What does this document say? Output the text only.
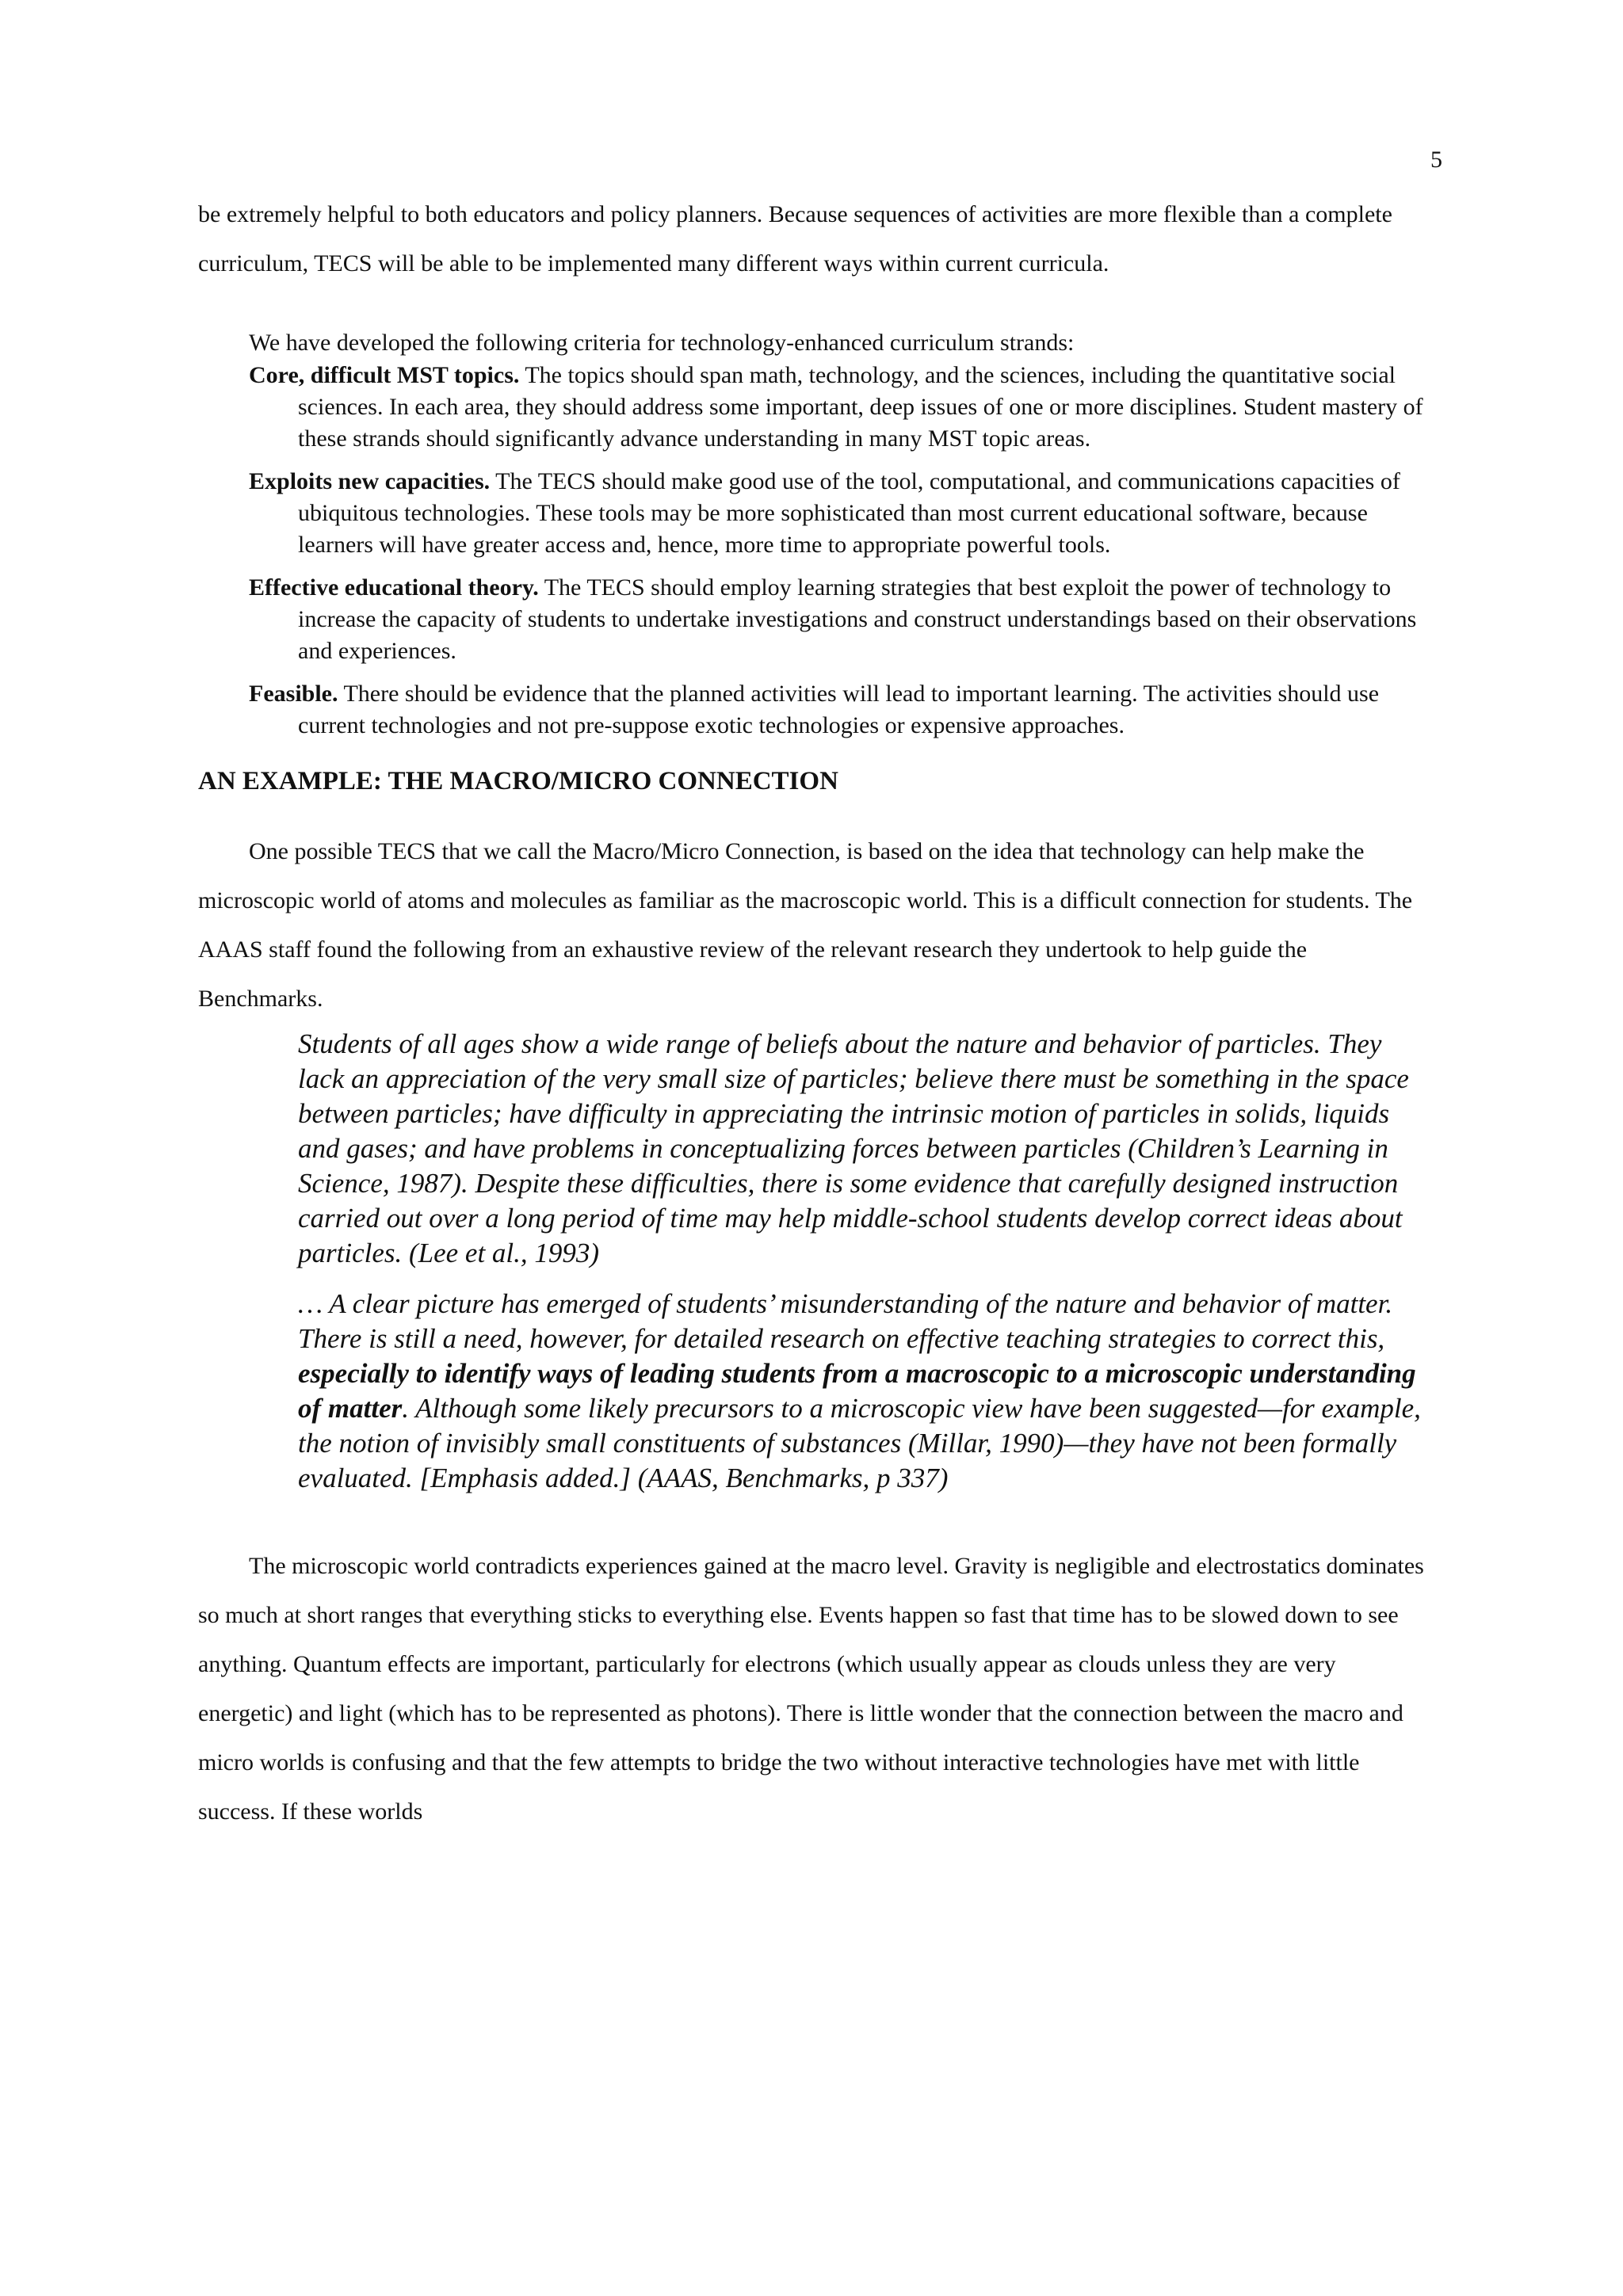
5

be extremely helpful to both educators and policy planners. Because sequences of activities are more flexible than a complete curriculum, TECS will be able to be implemented many different ways within current curricula.

We have developed the following criteria for technology-enhanced curriculum strands:

Core, difficult MST topics. The topics should span math, technology, and the sciences, including the quantitative social sciences. In each area, they should address some important, deep issues of one or more disciplines. Student mastery of these strands should significantly advance understanding in many MST topic areas.
Exploits new capacities. The TECS should make good use of the tool, computational, and communications capacities of ubiquitous technologies. These tools may be more sophisticated than most current educational software, because learners will have greater access and, hence, more time to appropriate powerful tools.
Effective educational theory. The TECS should employ learning strategies that best exploit the power of technology to increase the capacity of students to undertake investigations and construct understandings based on their observations and experiences.
Feasible. There should be evidence that the planned activities will lead to important learning. The activities should use current technologies and not pre-suppose exotic technologies or expensive approaches.
AN EXAMPLE: THE MACRO/MICRO CONNECTION

One possible TECS that we call the Macro/Micro Connection, is based on the idea that technology can help make the microscopic world of atoms and molecules as familiar as the macroscopic world. This is a difficult connection for students. The AAAS staff found the following from an exhaustive review of the relevant research they undertook to help guide the Benchmarks.

Students of all ages show a wide range of beliefs about the nature and behavior of particles. They lack an appreciation of the very small size of particles; believe there must be something in the space between particles; have difficulty in appreciating the intrinsic motion of particles in solids, liquids and gases; and have problems in conceptualizing forces between particles (Children’s Learning in Science, 1987). Despite these difficulties, there is some evidence that carefully designed instruction carried out over a long period of time may help middle-school students develop correct ideas about particles. (Lee et al., 1993)

… A clear picture has emerged of students’ misunderstanding of the nature and behavior of matter. There is still a need, however, for detailed research on effective teaching strategies to correct this, especially to identify ways of leading students from a macroscopic to a microscopic understanding of matter. Although some likely precursors to a microscopic view have been suggested—for example, the notion of invisibly small constituents of substances (Millar, 1990)—they have not been formally evaluated. [Emphasis added.] (AAAS, Benchmarks, p 337)

The microscopic world contradicts experiences gained at the macro level. Gravity is negligible and electrostatics dominates so much at short ranges that everything sticks to everything else. Events happen so fast that time has to be slowed down to see anything. Quantum effects are important, particularly for electrons (which usually appear as clouds unless they are very energetic) and light (which has to be represented as photons). There is little wonder that the connection between the macro and micro worlds is confusing and that the few attempts to bridge the two without interactive technologies have met with little success. If these worlds
